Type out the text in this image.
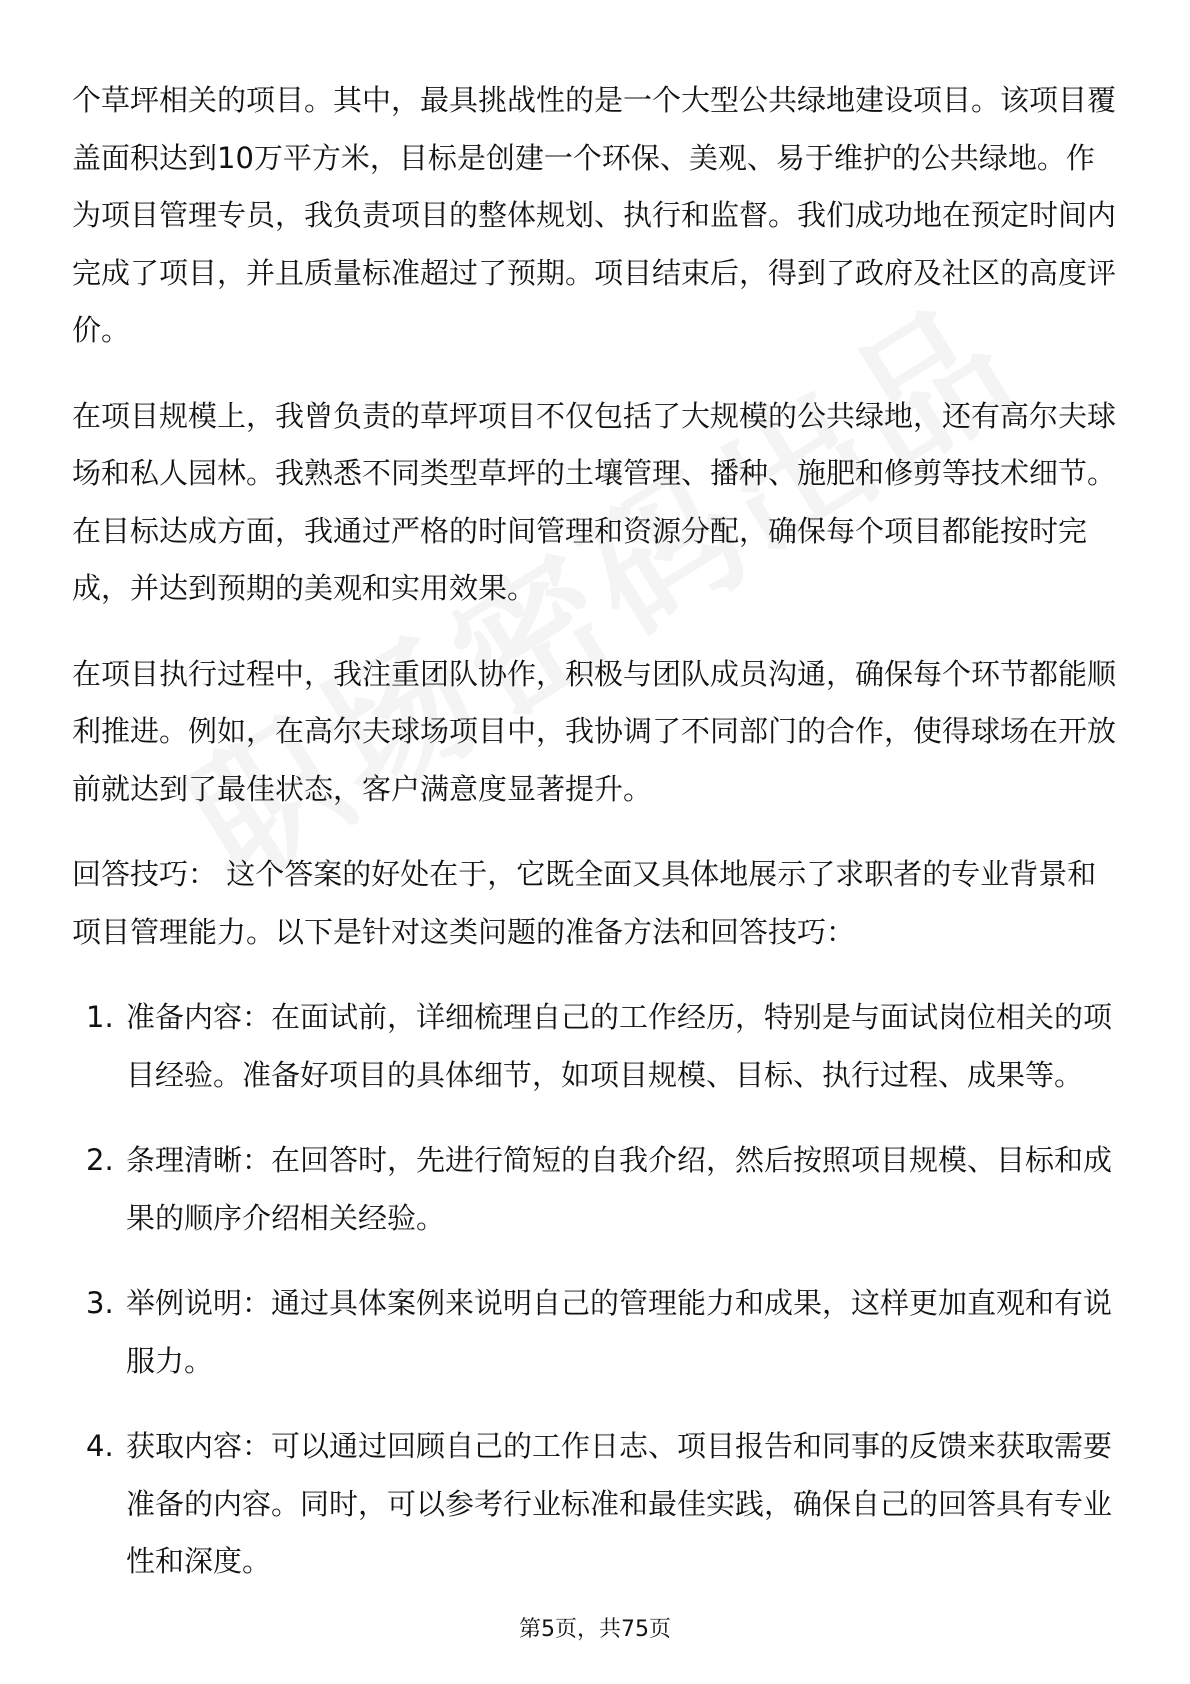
个草坪相关的项目。其中，最具挑战性的是一个大型公共绿地建设项目。该项目覆盖面积达到10万平方米，目标是创建一个环保、美观、易于维护的公共绿地。作为项目管理专员，我负责项目的整体规划、执行和监督。我们成功地在预定时间内完成了项目，并且质量标准超过了预期。项目结束后，得到了政府及社区的高度评价。

在项目规模上，我曾负责的草坪项目不仅包括了大规模的公共绿地，还有高尔夫球场和私人园林。我熟悉不同类型草坪的土壤管理、播种、施肥和修剪等技术细节。在目标达成方面，我通过严格的时间管理和资源分配，确保每个项目都能按时完成，并达到预期的美观和实用效果。

在项目执行过程中，我注重团队协作，积极与团队成员沟通，确保每个环节都能顺利推进。例如，在高尔夫球场项目中，我协调了不同部门的合作，使得球场在开放前就达到了最佳状态，客户满意度显著提升。

回答技巧： 这个答案的好处在于，它既全面又具体地展示了求职者的专业背景和项目管理能力。以下是针对这类问题的准备方法和回答技巧：

1. 准备内容：在面试前，详细梳理自己的工作经历，特别是与面试岗位相关的项目经验。准备好项目的具体细节，如项目规模、目标、执行过程、成果等。
2. 条理清晰：在回答时，先进行简短的自我介绍，然后按照项目规模、目标和成果的顺序介绍相关经验。
3. 举例说明：通过具体案例来说明自己的管理能力和成果，这样更加直观和有说服力。
4. 获取内容：可以通过回顾自己的工作日志、项目报告和同事的反馈来获取需要准备的内容。同时，可以参考行业标准和最佳实践，确保自己的回答具有专业性和深度。
第5页，共75页
